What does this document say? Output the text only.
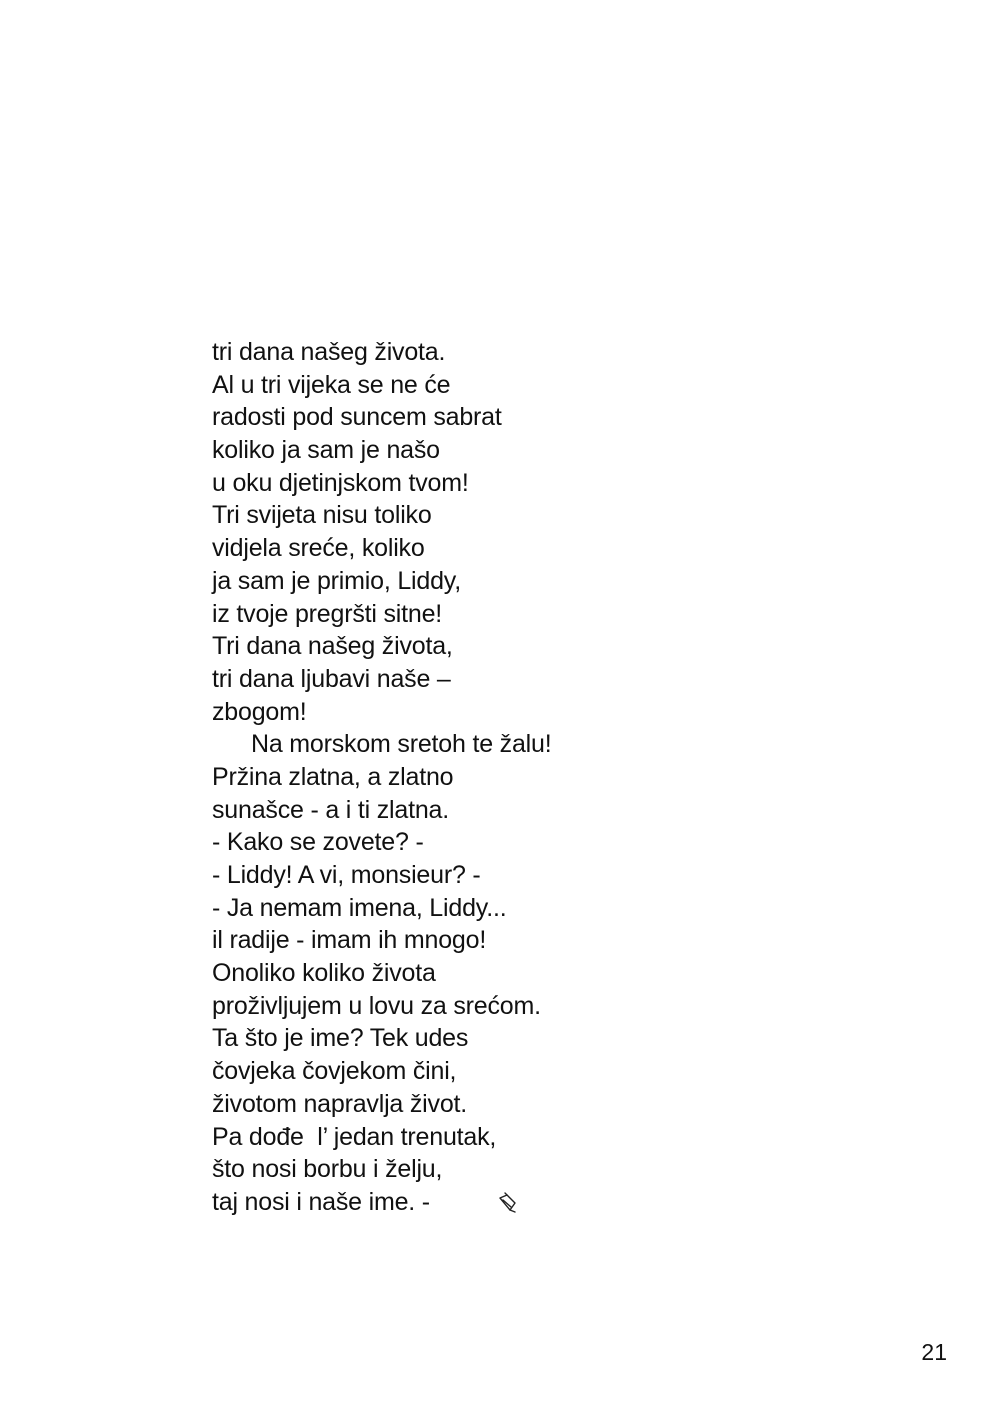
tri dana našeg života.
Al u tri vijeka se ne će
radosti pod suncem sabrat
koliko ja sam je našo
u oku djetinjskom tvom!
Tri svijeta nisu toliko
vidjela sreće, koliko
ja sam je primio, Liddy,
iz tvoje pregršti sitne!
Tri dana našeg života,
tri dana ljubavi naše –
zbogom!
Na morskom sretoh te žalu!
Pržina zlatna, a zlatno
sunašce - a i ti zlatna.
- Kako se zovete? -
- Liddy! A vi, monsieur? -
- Ja nemam imena, Liddy...
il radije - imam ih mnogo!
Onoliko koliko života
proživljujem u lovu za srećom.
Ta što je ime? Tek udes
čovjeka čovjekom čini,
životom napravlja život.
Pa dođe  l’ jedan trenutak,
što nosi borbu i želju,
taj nosi i naše ime. -
21
